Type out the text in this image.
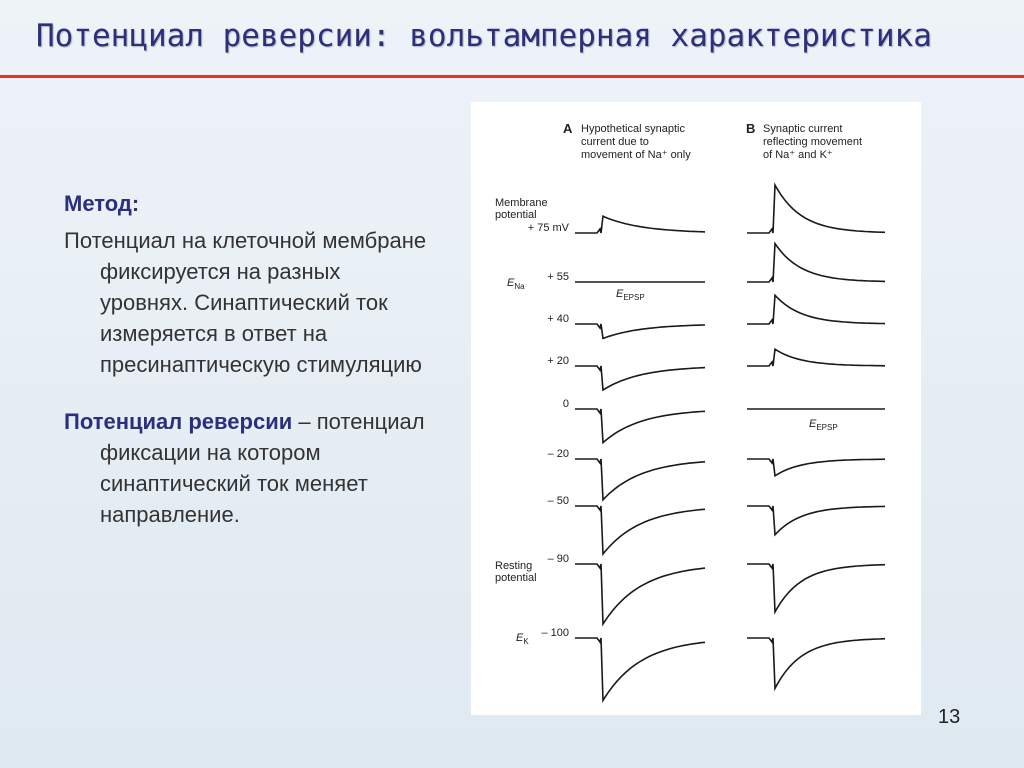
Потенциал реверсии: вольтамперная характеристика
Метод:
Потенциал на клеточной мембране фиксируется на разных уровнях. Синаптический ток измеряется в ответ на пресинаптическую стимуляцию
Потенциал реверсии – потенциал фиксации на котором синаптический ток меняет направление.
A Hypothetical synaptic
current due to
movement of Na⁺ only
B Synaptic current
reflecting movement
of Na⁺ and K⁺
Membrane
potential
$E_{Na}$
$E_{EPSP}$
$E_{EPSP}$
Resting
potential
$E_K$
+ 75 mV
+ 55
+ 40
+ 20
0
– 20
– 50
– 90
– 100
13
